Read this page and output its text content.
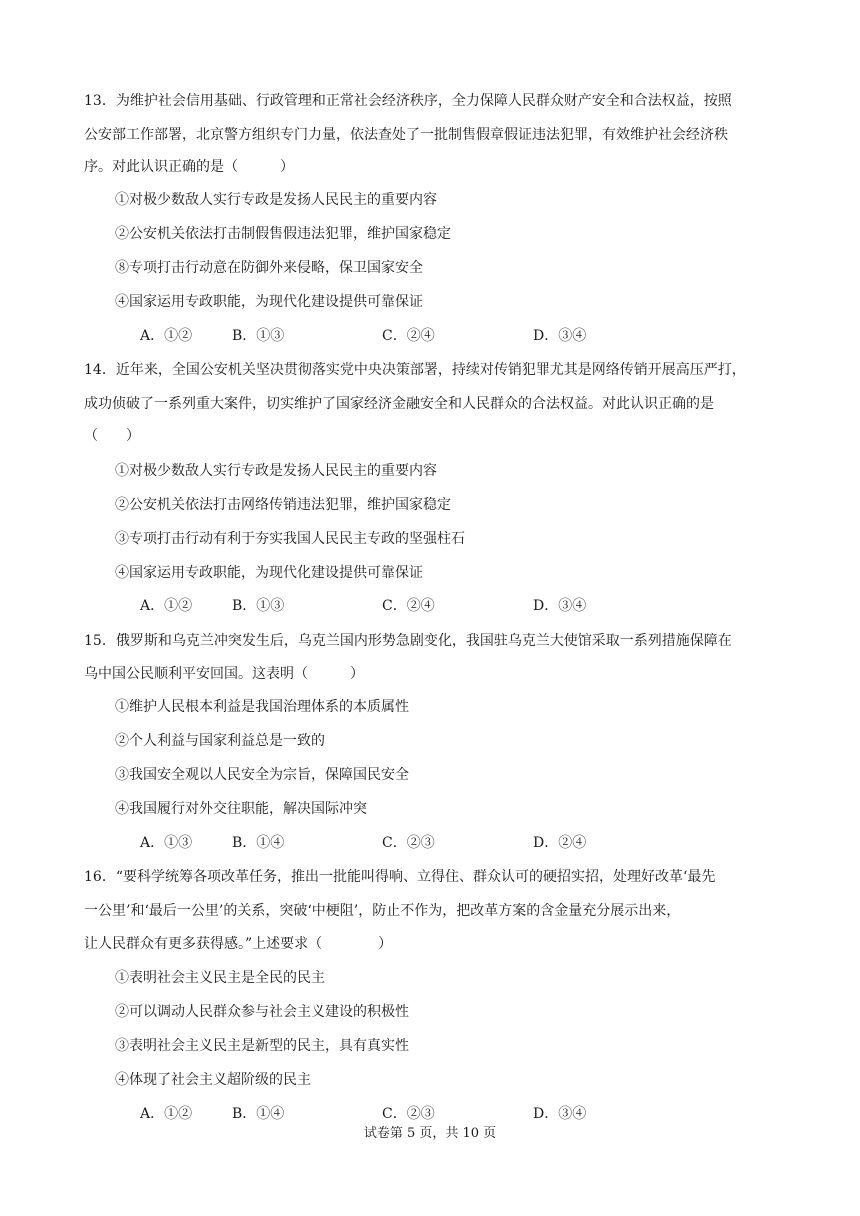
13．为维护社会信用基础、行政管理和正常社会经济秩序，全力保障人民群众财产安全和合法权益，按照
公安部工作部署，北京警方组织专门力量，依法查处了一批制售假章假证违法犯罪，有效维护社会经济秩
序。对此认识正确的是（　　　）
①对极少数敌人实行专政是发扬人民民主的重要内容
②公安机关依法打击制假售假违法犯罪，维护国家稳定
⑧专项打击行动意在防御外来侵略，保卫国家安全
④国家运用专政职能，为现代化建设提供可靠保证
A．①②	B．①③	C．②④	D．③④
14．近年来，全国公安机关坚决贯彻落实党中央决策部署，持续对传销犯罪尤其是网络传销开展高压严打，
成功侦破了一系列重大案件，切实维护了国家经济金融安全和人民群众的合法权益。对此认识正确的是
（　　）
①对极少数敌人实行专政是发扬人民民主的重要内容
②公安机关依法打击网络传销违法犯罪，维护国家稳定
③专项打击行动有利于夯实我国人民民主专政的坚强柱石
④国家运用专政职能，为现代化建设提供可靠保证
A．①②	B．①③	C．②④	D．③④
15．俄罗斯和乌克兰冲突发生后，乌克兰国内形势急剧变化，我国驻乌克兰大使馆采取一系列措施保障在
乌中国公民顺利平安回国。这表明（　　　）
①维护人民根本利益是我国治理体系的本质属性
②个人利益与国家利益总是一致的
③我国安全观以人民安全为宗旨，保障国民安全
④我国履行对外交往职能，解决国际冲突
A．①③	B．①④	C．②③	D．②④
16．“要科学统筹各项改革任务，推出一批能叫得响、立得住、群众认可的硬招实招，处理好改革‘最先
一公里’和‘最后一公里’的关系，突破‘中梗阻’，防止不作为，把改革方案的含金量充分展示出来，
让人民群众有更多获得感。”上述要求（　　　　）
①表明社会主义民主是全民的民主
②可以调动人民群众参与社会主义建设的积极性
③表明社会主义民主是新型的民主，具有真实性
④体现了社会主义超阶级的民主
A．①②	B．①④	C．②③	D．③④
试卷第 5 页，共 10 页
